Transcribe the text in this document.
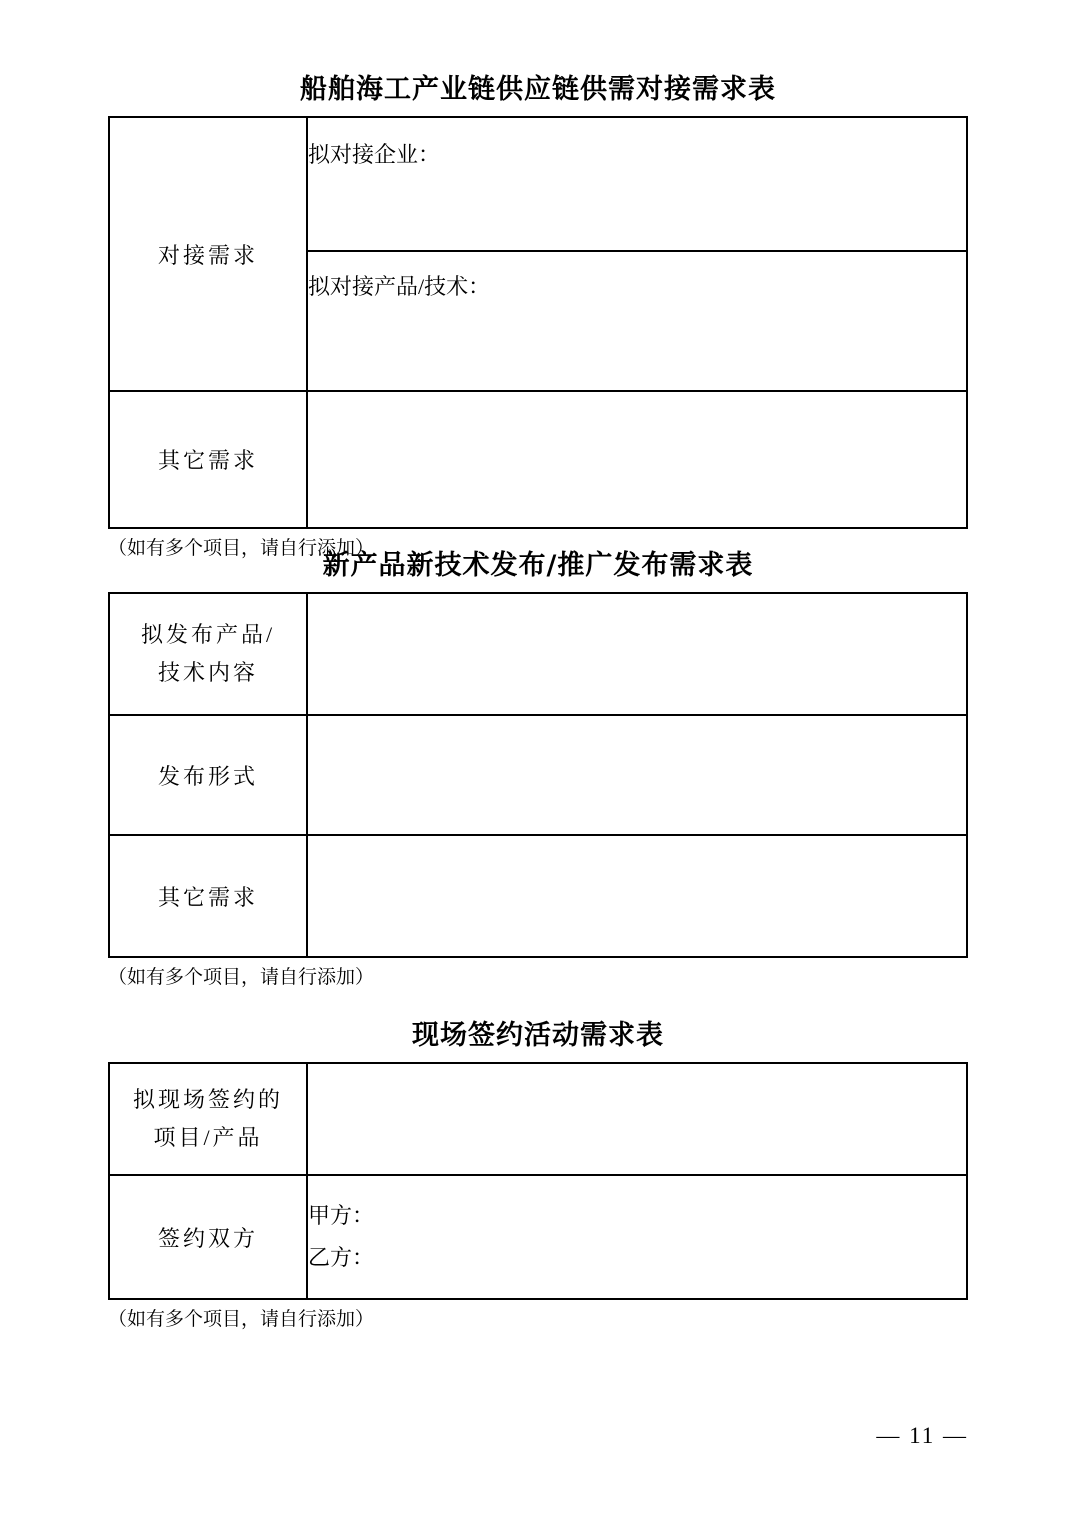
船舶海工产业链供应链供需对接需求表
对接需求	拟对接企业：

	拟对接产品/技术：

其它需求	
（如有多个项目，请自行添加）
新产品新技术发布/推广发布需求表
拟发布产品/
技术内容	

发布形式	

其它需求	
（如有多个项目，请自行添加）
现场签约活动需求表
拟现场签约的
项目/产品	

签约双方	甲方：

	乙方：
（如有多个项目，请自行添加）
— 11 —
